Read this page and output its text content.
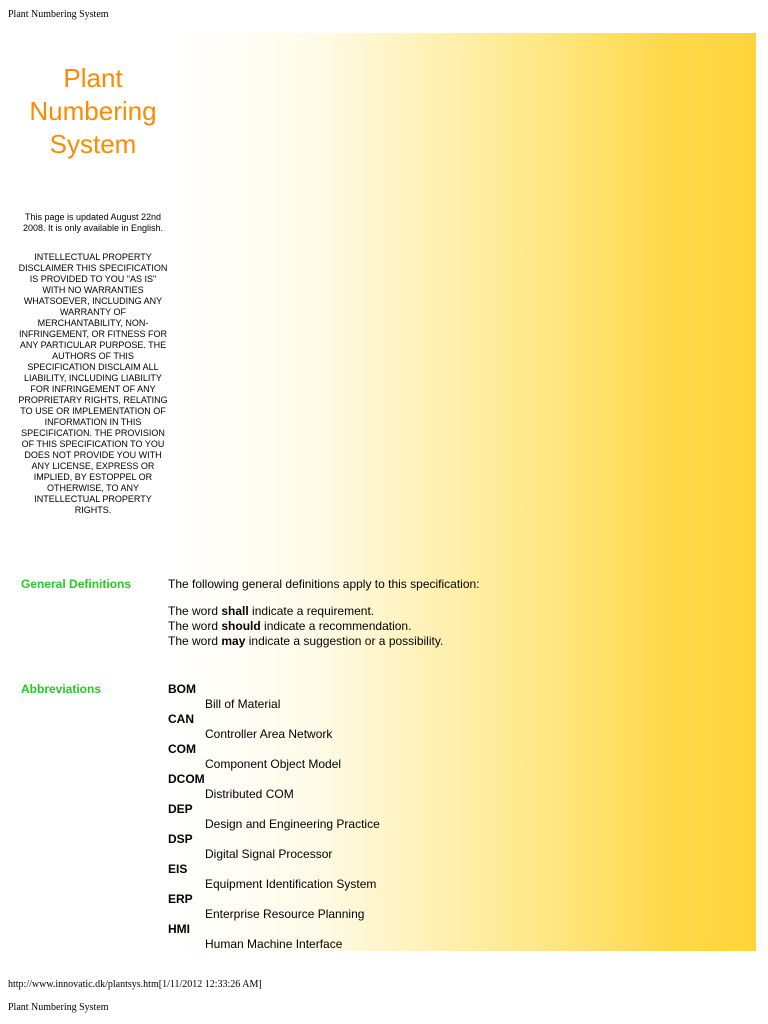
Plant Numbering System
Plant
Numbering
System
This page is updated August 22nd 2008. It is only available in English.
INTELLECTUAL PROPERTY DISCLAIMER THIS SPECIFICATION IS PROVIDED TO YOU "AS IS" WITH NO WARRANTIES WHATSOEVER, INCLUDING ANY WARRANTY OF MERCHANTABILITY, NON-INFRINGEMENT, OR FITNESS FOR ANY PARTICULAR PURPOSE. THE AUTHORS OF THIS SPECIFICATION DISCLAIM ALL LIABILITY, INCLUDING LIABILITY FOR INFRINGEMENT OF ANY PROPRIETARY RIGHTS, RELATING TO USE OR IMPLEMENTATION OF INFORMATION IN THIS SPECIFICATION. THE PROVISION OF THIS SPECIFICATION TO YOU DOES NOT PROVIDE YOU WITH ANY LICENSE, EXPRESS OR IMPLIED, BY ESTOPPEL OR OTHERWISE, TO ANY INTELLECTUAL PROPERTY RIGHTS.
General Definitions	The following general definitions apply to this specification:
The word shall indicate a requirement.
The word should indicate a recommendation.
The word may indicate a suggestion or a possibility.
Abbreviations	BOM
Bill of Material
CAN
Controller Area Network
COM
Component Object Model
DCOM
Distributed COM
DEP
Design and Engineering Practice
DSP
Digital Signal Processor
EIS
Equipment Identification System
ERP
Enterprise Resource Planning
HMI
Human Machine Interface
http://www.innovatic.dk/plantsys.htm[1/11/2012 12:33:26 AM]
Plant Numbering System
